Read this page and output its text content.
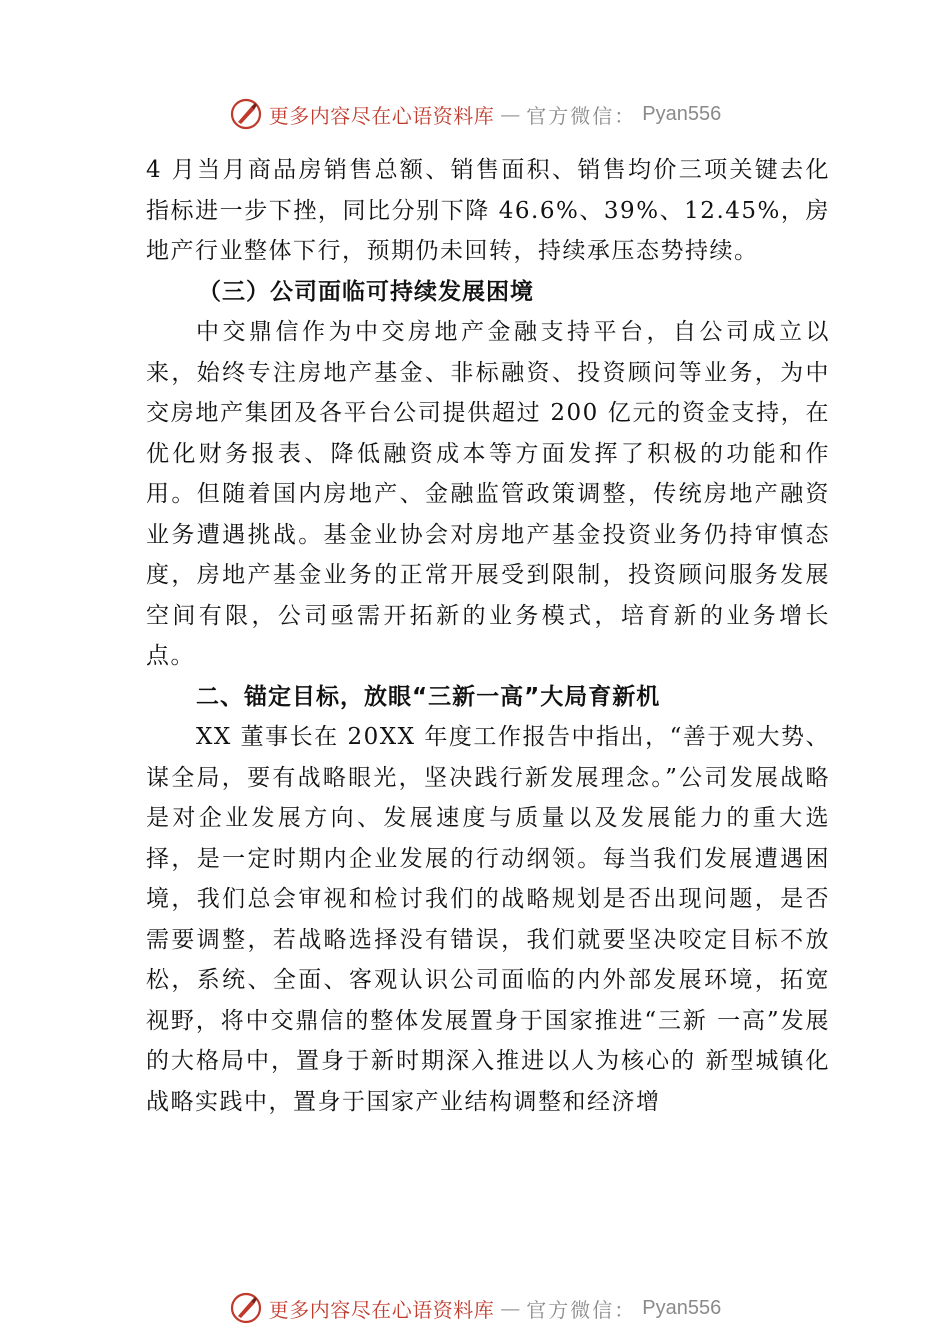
更多内容尽在心语资料库 — 官方微信： Pyan556

4 月当月商品房销售总额、销售面积、销售均价三项关键去化指标进一步下挫，同比分别下降 46.6%、39%、12.45%，房地产行业整体下行，预期仍未回转，持续承压态势持续。

（三）公司面临可持续发展困境

中交鼎信作为中交房地产金融支持平台，自公司成立以来，始终专注房地产基金、非标融资、投资顾问等业务，为中交房地产集团及各平台公司提供超过 200 亿元的资金支持，在优化财务报表、降低融资成本等方面发挥了积极的功能和作用。但随着国内房地产、金融监管政策调整，传统房地产融资业务遭遇挑战。基金业协会对房地产基金投资业务仍持审慎态度，房地产基金业务的正常开展受到限制，投资顾问服务发展空间有限，公司亟需开拓新的业务模式，培育新的业务增长点。

二、锚定目标，放眼“三新一高”大局育新机

XX 董事长在 20XX 年度工作报告中指出，“善于观大势、谋全局，要有战略眼光，坚决践行新发展理念。”公司发展战略是对企业发展方向、发展速度与质量以及发展能力的重大选择，是一定时期内企业发展的行动纲领。每当我们发展遭遇困境，我们总会审视和检讨我们的战略规划是否出现问题，是否需要调整，若战略选择没有错误，我们就要坚决咬定目标不放松，系统、全面、客观认识公司面临的内外部发展环境，拓宽视野，将中交鼎信的整体发展置身于国家推进“三新 一高”发展的大格局中，置身于新时期深入推进以人为核心的 新型城镇化战略实践中，置身于国家产业结构调整和经济增

更多内容尽在心语资料库 — 官方微信： Pyan556
